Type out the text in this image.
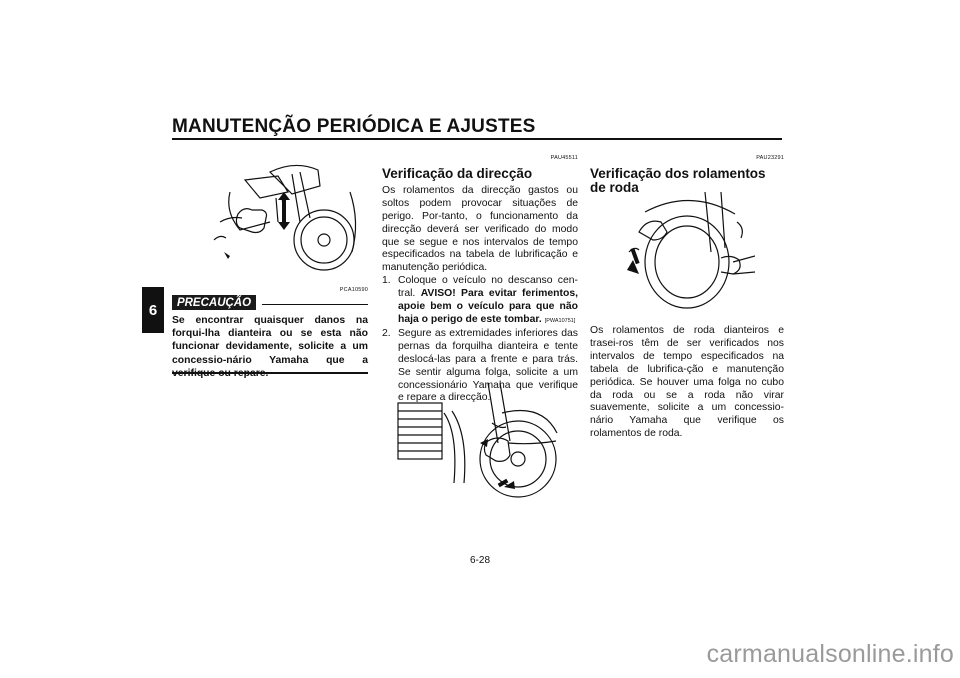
MANUTENÇÃO PERIÓDICA E AJUSTES
6
PCA10590
PRECAUÇÃO
Se encontrar quaisquer danos na forqui-lha dianteira ou se esta não funcionar devidamente, solicite a um concessio-nário Yamaha que a
PAU45511
Verificação da direcção

Os rolamentos da direcção gastos ou soltos podem provocar situações de perigo. Por-tanto, o funcionamento da direcção deverá ser verificado do modo que se segue e nos intervalos de tempo especificados na tabela de lubrificação e manutenção periódica.

1. Coloque o veículo no descanso cen-tral. AVISO! Para evitar ferimentos, apoie bem o veículo para que não haja o perigo de este tombar. [PWA10751]
2. Segure as extremidades inferiores das pernas da forquilha dianteira e tente deslocá-las para a frente e para trás. Se sentir alguma folga, solicite a um concessionário Yamaha que verifique e repare a direcção.
PAU23291
Verificação dos rolamentos de roda

Os rolamentos de roda dianteiros e trasei-ros têm de ser verificados nos intervalos de tempo especificados na tabela de lubrifica-ção e manutenção periódica. Se houver uma folga no cubo da roda ou se a roda não virar suavemente, solicite a um concessio-nário Yamaha que verifique os rolamentos de roda.

6-28
carmanualsonline.info
